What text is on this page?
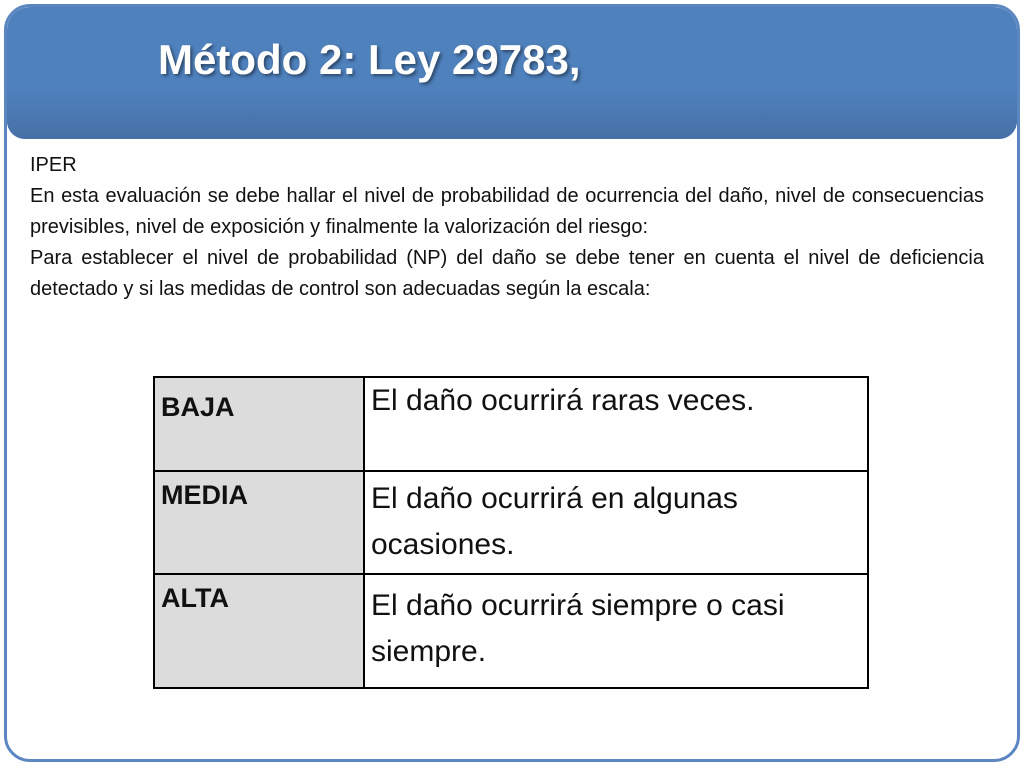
Método 2: Ley 29783,

IPER

En esta evaluación se debe hallar el nivel de probabilidad de ocurrencia del daño, nivel de consecuencias previsibles, nivel de exposición y finalmente la valorización del riesgo:

Para establecer el nivel de probabilidad (NP) del daño se debe tener en cuenta el nivel de deficiencia detectado y si las medidas de control son adecuadas según la escala:

BAJA	El daño ocurrirá raras veces.
MEDIA	El daño ocurrirá en algunas ocasiones.
ALTA	El daño ocurrirá siempre o casi siempre.
